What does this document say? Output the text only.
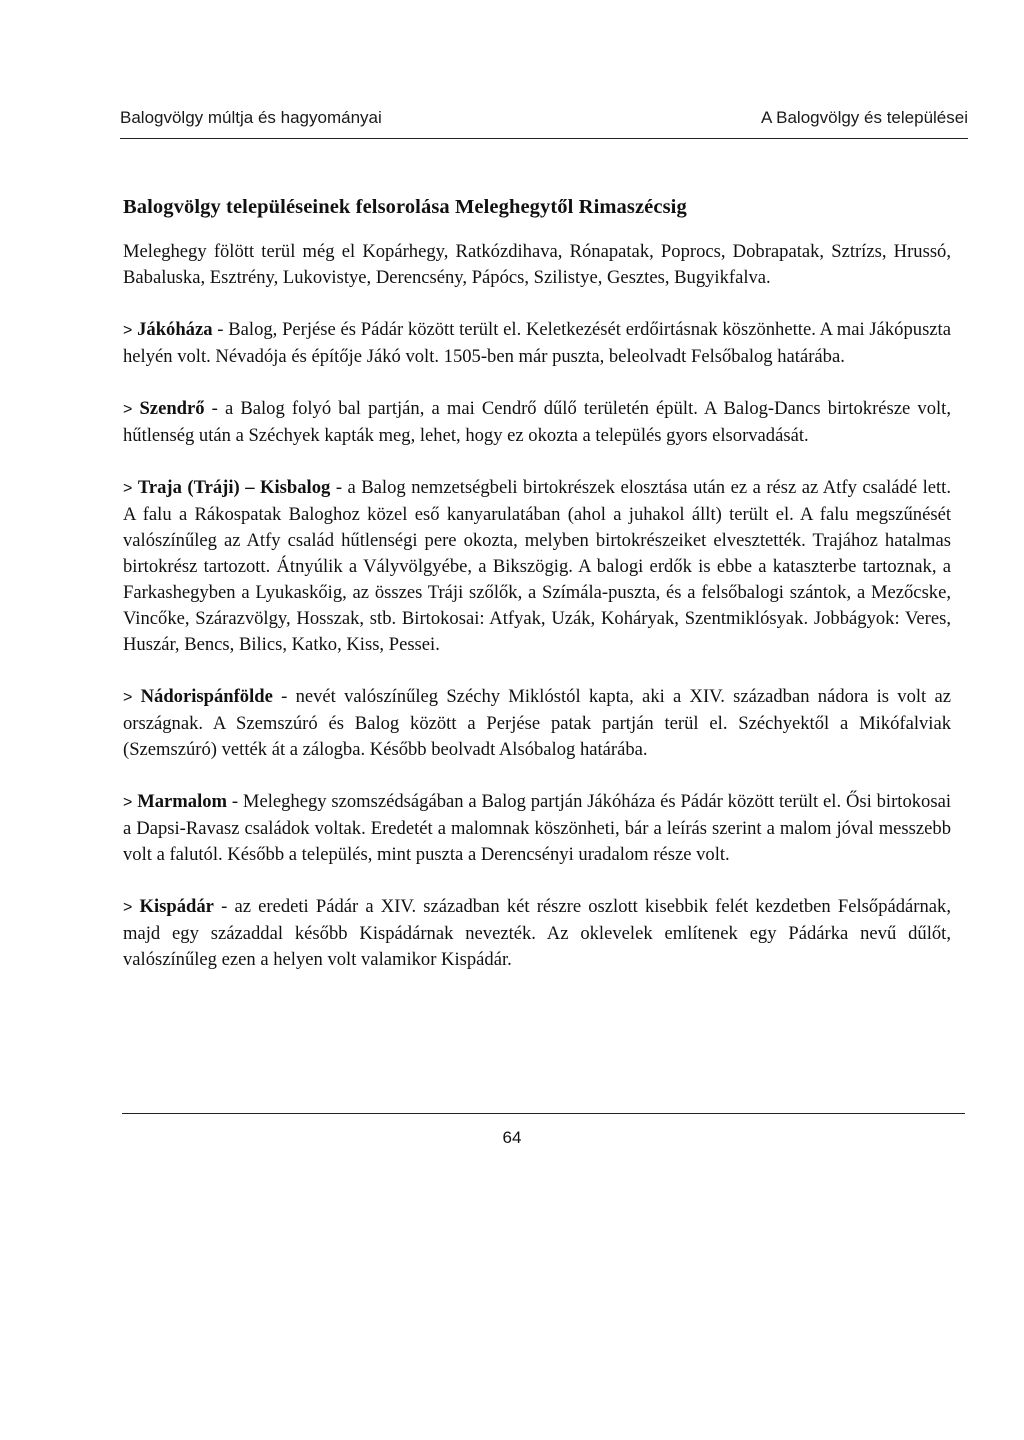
Balogvölgy múltja és hagyományai	A Balogvölgy és települései
Balogvölgy településeinek felsorolása Meleghegytől Rimaszécsig

Meleghegy fölött terül még el Kopárhegy, Ratkózdihava, Rónapatak, Poprocs, Dobrapatak, Sztrízs, Hrussó, Babaluska, Esztrény, Lukovistye, Derencsény, Pápócs, Szilistye, Gesztes, Bugyikfalva.

> Jákóháza - Balog, Perjése és Pádár között terült el. Keletkezését erdőirtásnak köszönhette. A mai Jákópuszta helyén volt. Névadója és építője Jákó volt. 1505-ben már puszta, beleolvadt Felsőbalog határába.

> Szendrő - a Balog folyó bal partján, a mai Cendrő dűlő területén épült. A Balog-Dancs birtokrésze volt, hűtlenség után a Széchyek kapták meg, lehet, hogy ez okozta a település gyors elsorvadását.

> Traja (Tráji) – Kisbalog - a Balog nemzetségbeli birtokrészek elosztása után ez a rész az Atfy családé lett. A falu a Rákospatak Baloghoz közel eső kanyarulatában (ahol a juhakol állt) terült el. A falu megszűnését valószínűleg az Atfy család hűtlenségi pere okozta, melyben birtokrészeiket elvesztették. Trajához hatalmas birtokrész tartozott. Átnyúlik a Vályvölgyébe, a Bikszögig. A balogi erdők is ebbe a kataszterbe tartoznak, a Farkashegyben a Lyukaskőig, az összes Tráji szőlők, a Szímála-puszta, és a felsőbalogi szántok, a Mezőcske, Vincőke, Szárazvölgy, Hosszak, stb. Birtokosai: Atfyak, Uzák, Koháryak, Szentmiklósyak. Jobbágyok: Veres, Huszár, Bencs, Bilics, Katko, Kiss, Pessei.

> Nádorispánfölde - nevét valószínűleg Széchy Miklóstól kapta, aki a XIV. században nádora is volt az országnak. A Szemszúró és Balog között a Perjése patak partján terül el. Széchyektől a Mikófalviak (Szemszúró) vették át a zálogba. Később beolvadt Alsóbalog határába.

> Marmalom - Meleghegy szomszédságában a Balog partján Jákóháza és Pádár között terült el. Ősi birtokosai a Dapsi-Ravasz családok voltak. Eredetét a malomnak köszönheti, bár a leírás szerint a malom jóval messzebb volt a falutól. Később a település, mint puszta a Derencsényi uradalom része volt.

> Kispádár - az eredeti Pádár a XIV. században két részre oszlott kisebbik felét kezdetben Felsőpádárnak, majd egy századdal később Kispádárnak nevezték. Az oklevelek említenek egy Pádárka nevű dűlőt, valószínűleg ezen a helyen volt valamikor Kispádár.

64
